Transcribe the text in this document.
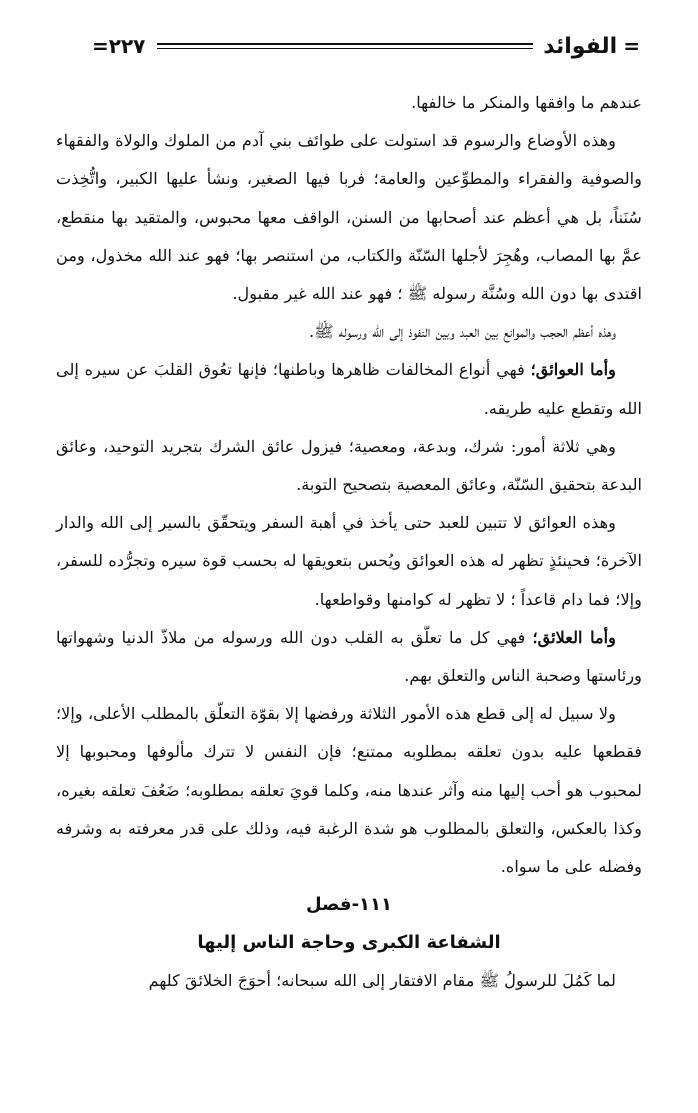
=
الفوائد
٢٢٧
=

عندهم ما وافقها والمنكر ما خالفها.

وهذه الأوضاع والرسوم قد استولت على طوائف بني آدم من الملوك والولاة والفقهاء والصوفية والفقراء والمطوِّعين والعامة؛ فربا فيها الصغير، ونشأ عليها الكبير، واتُّخِذت سُنَناً، بل هي أعظم عند أصحابها من السنن، الواقف معها محبوس، والمتقيد بها منقطع، عمَّ بها المصاب، وهُجِرَ لأجلها السّنّة والكتاب، من استنصر بها؛ فهو عند الله مخذول، ومن اقتدى بها دون الله وسُنَّة رسوله ﷺ ؛ فهو عند الله غير مقبول.

وهذه أعظم الحجب والموانع بين العبد وبين النفوذ إلى الله ورسوله ﷺ.

وأما العوائق؛ فهي أنواع المخالفات ظاهرها وباطنها؛ فإنها تعُوق القلبَ عن سيره إلى الله وتقطع عليه طريقه.

وهي ثلاثة أمور: شرك، وبدعة، ومعصية؛ فيزول عائق الشرك بتجريد التوحيد، وعائق البدعة بتحقيق السّنّة، وعائق المعصية بتصحيح التوبة.

وهذه العوائق لا تتبين للعبد حتى يأخذ في أهبة السفر ويتحقّق بالسير إلى الله والدار الآخرة؛ فحينئذٍ تظهر له هذه العوائق ويُحس بتعويقها له بحسب قوة سيره وتجرُّده للسفر، وإلا؛ فما دام قاعداً ؛ لا تظهر له كوامنها وقواطعها.

وأما العلائق؛ فهي كل ما تعلّق به القلب دون الله ورسوله من ملاذّ الدنيا وشهواتها ورئاستها وصحبة الناس والتعلق بهم.

ولا سبيل له إلى قطع هذه الأمور الثلاثة ورفضها إلا بقوّة التعلّق بالمطلب الأعلى، وإلا؛ فقطعها عليه بدون تعلقه بمطلوبه ممتنع؛ فإن النفس لا تترك مألوفها ومحبوبها إلا لمحبوب هو أحب إليها منه وآثر عندها منه، وكلما قويَ تعلقه بمطلوبه؛ ضَعُفَ تعلقه بغيره، وكذا بالعكس، والتعلق بالمطلوب هو شدة الرغبة فيه، وذلك على قدر معرفته به وشرفه وفضله على ما سواه.

١١١-فصل

الشفاعة الكبرى وحاجة الناس إليها

لما كَمُلَ للرسولُ ﷺ مقام الافتقار إلى الله سبحانه؛ أحوَجَ الخلائقَ كلهم
